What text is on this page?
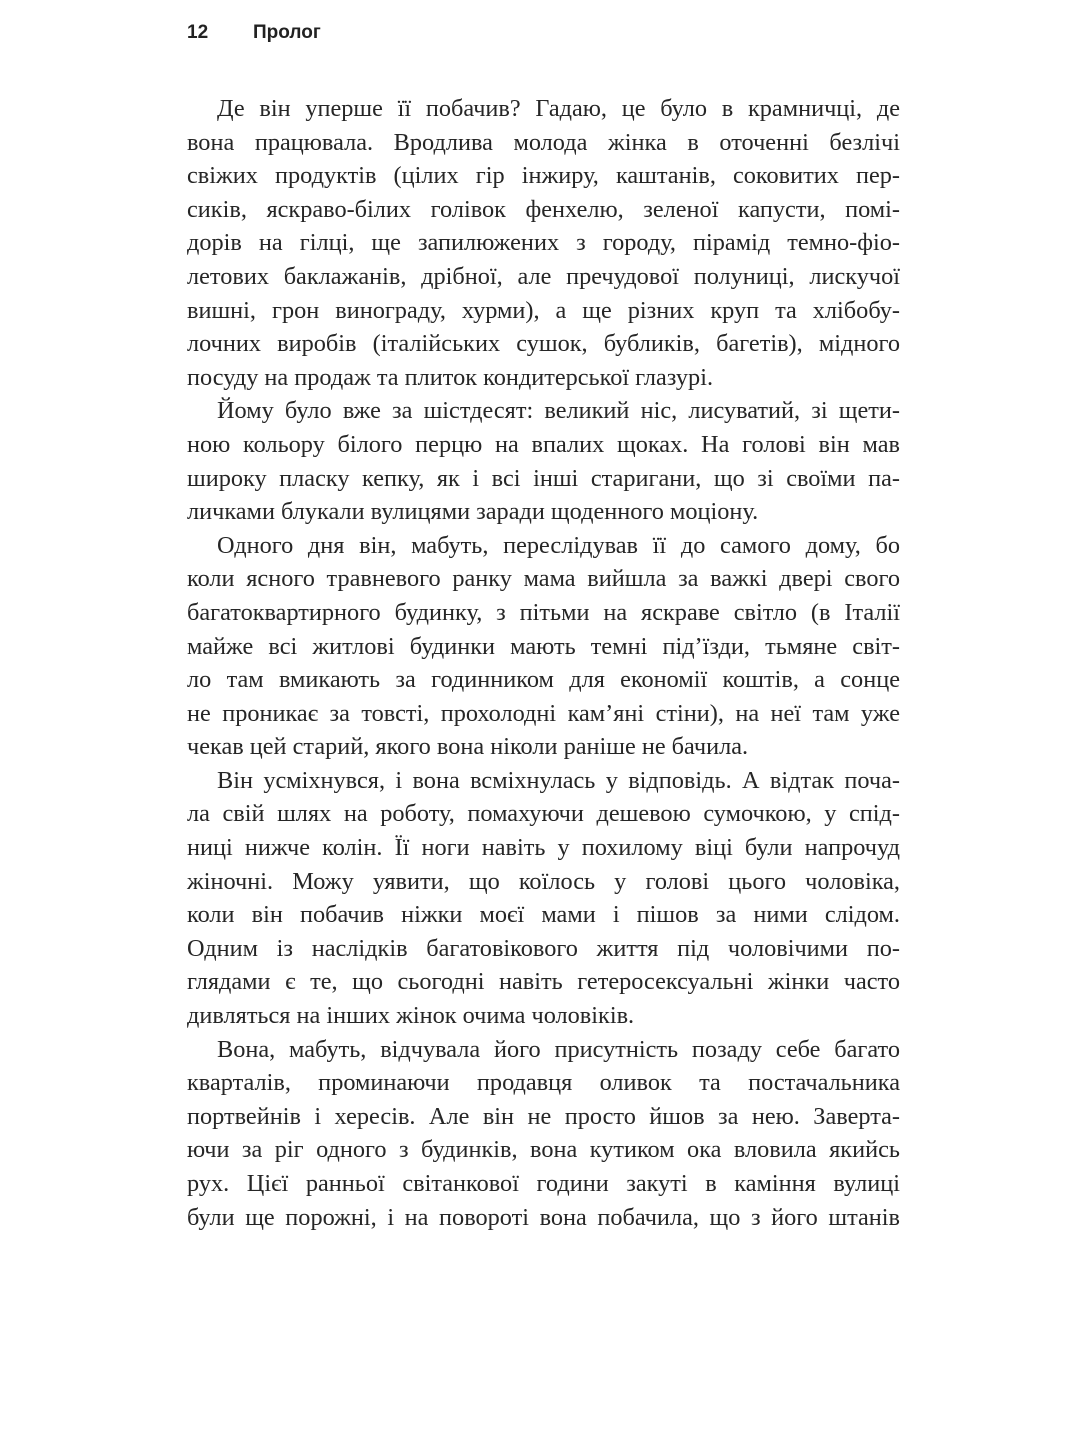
12	Пролог
Де він уперше її побачив? Гадаю, це було в крамничці, де
вона працювала. Вродлива молода жінка в оточенні безлічі
свіжих продуктів (цілих гір інжиру, каштанів, соковитих пер-
сиків, яскраво-білих голівок фенхелю, зеленої капусти, помі-
дорів на гілці, ще запилюжених з городу, пірамід темно-фіо-
летових баклажанів, дрібної, але пречудової полуниці, лискучої
вишні, грон винограду, хурми), а ще різних круп та хлібобу-
лочних виробів (італійських сушок, бубликів, багетів), мідного
посуду на продаж та плиток кондитерської глазурі.
Йому було вже за шістдесят: великий ніс, лисуватий, зі щети-
ною кольору білого перцю на впалих щоках. На голові він мав
широку пласку кепку, як і всі інші старигани, що зі своїми па-
личками блукали вулицями заради щоденного моціону.
Одного дня він, мабуть, переслідував її до самого дому, бо
коли ясного травневого ранку мама вийшла за важкі двері свого
багатоквартирного будинку, з пітьми на яскраве світло (в Італії
майже всі житлові будинки мають темні під’їзди, тьмяне світ-
ло там вмикають за годинником для економії коштів, а сонце
не проникає за товсті, прохолодні кам’яні стіни), на неї там уже
чекав цей старий, якого вона ніколи раніше не бачила.
Він усміхнувся, і вона всміхнулась у відповідь. А відтак поча-
ла свій шлях на роботу, помахуючи дешевою сумочкою, у спід-
ниці нижче колін. Її ноги навіть у похилому віці були напрочуд
жіночні. Можу уявити, що коїлось у голові цього чоловіка,
коли він побачив ніжки моєї мами і пішов за ними слідом.
Одним із наслідків багатовікового життя під чоловічими по-
глядами є те, що сьогодні навіть гетеросексуальні жінки часто
дивляться на інших жінок очима чоловіків.
Вона, мабуть, відчувала його присутність позаду себе багато
кварталів, проминаючи продавця оливок та постачальника
портвейнів і хересів. Але він не просто йшов за нею. Заверта-
ючи за ріг одного з будинків, вона кутиком ока вловила якийсь
рух. Цієї ранньої світанкової години закуті в каміння вулиці
були ще порожні, і на повороті вона побачила, що з його штанів
